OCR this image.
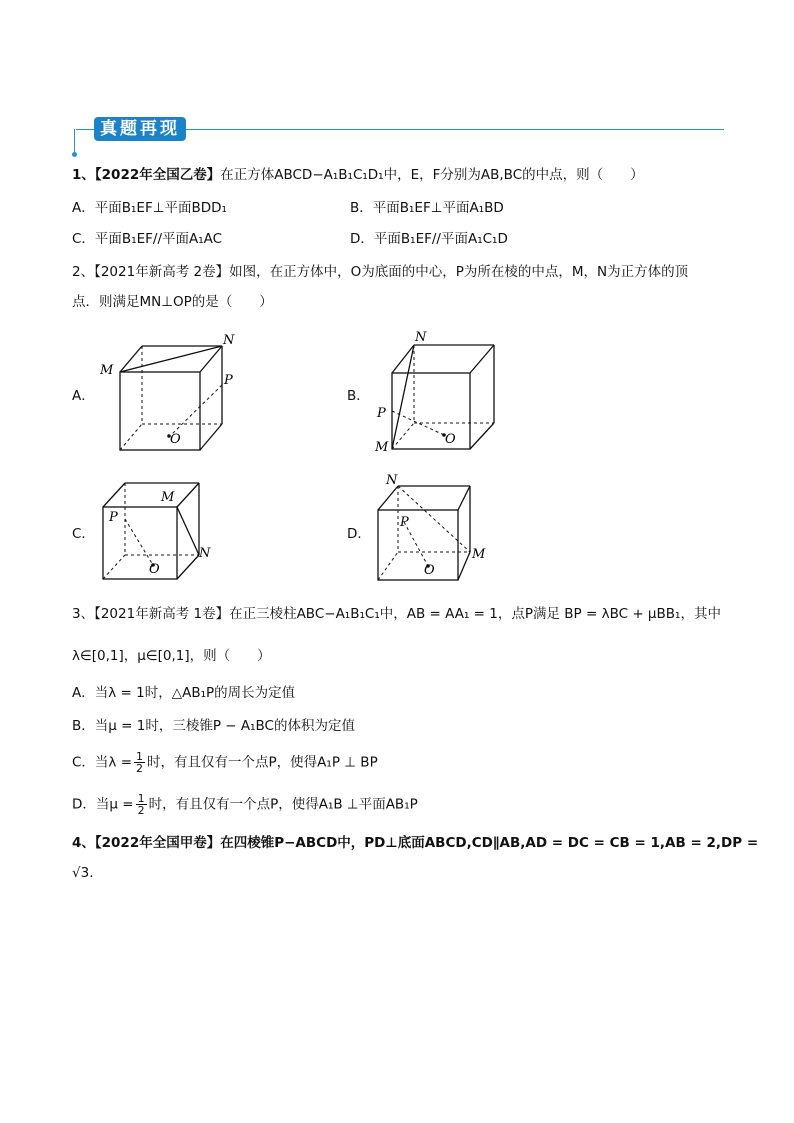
真题再现
1、【2022年全国乙卷】在正方体ABCD−A₁B₁C₁D₁中，E，F分别为AB,BC的中点，则（　　）
A．平面B₁EF⊥平面BDD₁	B．平面B₁EF⊥平面A₁BD
C．平面B₁EF//平面A₁AC	D．平面B₁EF//平面A₁C₁D
2、【2021年新高考 2卷】如图，在正方体中，O为底面的中心，P为所在棱的中点，M，N为正方体的顶
点．则满足MN⊥OP的是（　　）
A．	B．
C．	D．
M
N
P
O
N
P
M
O
M
P
N
O
N
P
M
O
3、【2021年新高考 1卷】在正三棱柱ABC−A₁B₁C₁中，AB = AA₁ = 1，点P满足 BP = λBC + μBB₁，其中
λ∈[0,1]，μ∈[0,1]，则（　　）
A．当λ = 1时，△AB₁P的周长为定值
B．当μ = 1时，三棱锥P − A₁BC的体积为定值
C．当$\lambda = \frac{1}{2}$ 时，有且仅有一个点P，使得A₁P ⊥ BP
D．当$\mu = \frac{1}{2}$ 时，有且仅有一个点P，使得A₁B ⊥平面AB₁P
4、【2022年全国甲卷】在四棱锥P−ABCD中，PD⊥底面ABCD,CD∥AB,AD = DC = CB = 1,AB = 2,DP =
√3.
